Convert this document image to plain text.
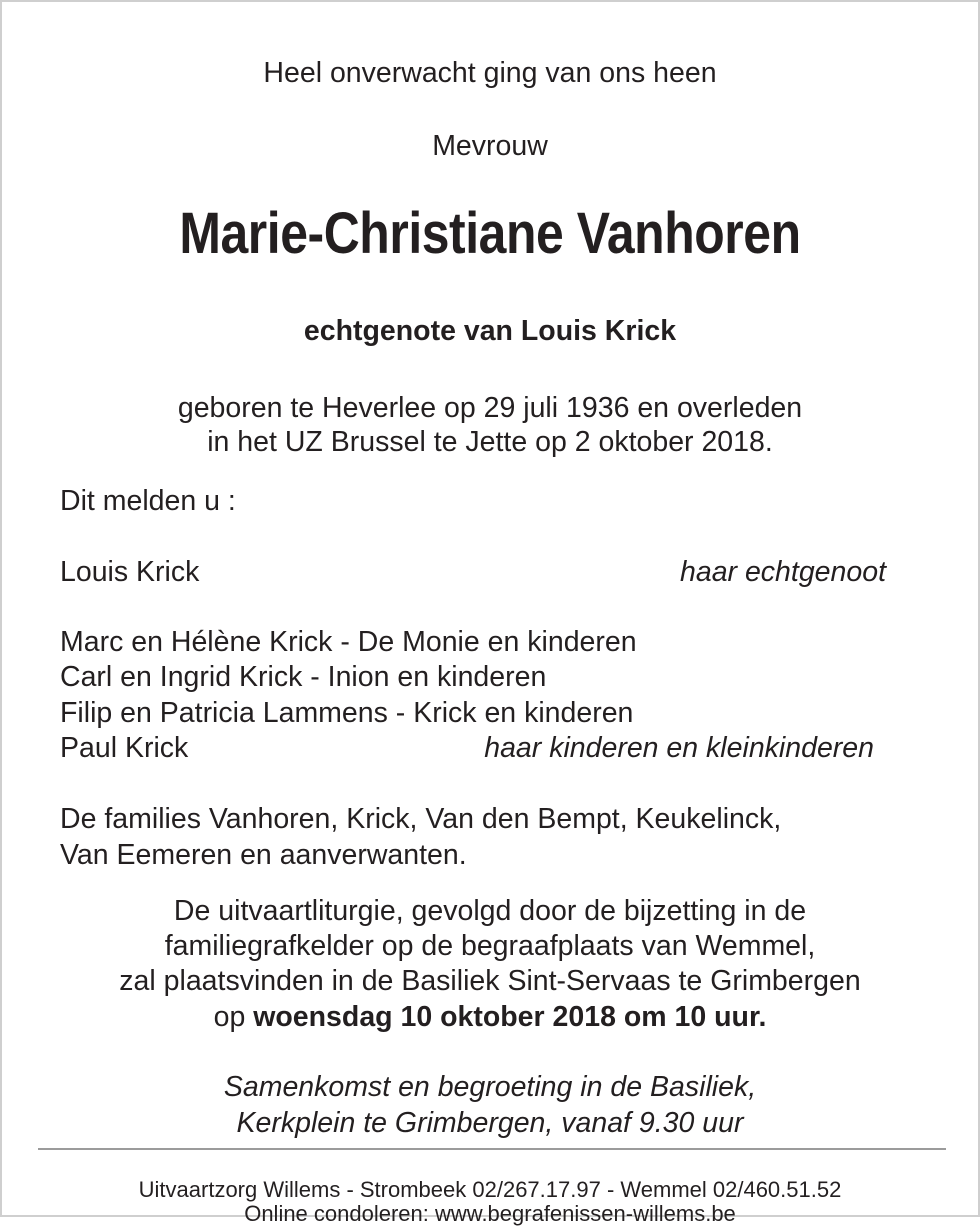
Heel onverwacht ging van ons heen

Mevrouw

Marie-Christiane Vanhoren

echtgenote van Louis Krick

geboren te Heverlee op 29 juli 1936 en overleden

in het UZ Brussel te Jette op 2 oktober 2018.

Dit melden u :

Louis Krick	haar echtgenoot

Marc en Hélène Krick - De Monie en kinderen

Carl en Ingrid Krick - Inion en kinderen

Filip en Patricia Lammens - Krick en kinderen

Paul Krick	haar kinderen en kleinkinderen

De families Vanhoren, Krick, Van den Bempt, Keukelinck,

Van Eemeren en aanverwanten.

De uitvaartliturgie, gevolgd door de bijzetting in de

familiegrafkelder op de begraafplaats van Wemmel,

zal plaatsvinden in de Basiliek Sint-Servaas te Grimbergen

op woensdag 10 oktober 2018 om 10 uur.

Samenkomst en begroeting in de Basiliek,

Kerkplein te Grimbergen, vanaf 9.30 uur

Uitvaartzorg Willems - Strombeek 02/267.17.97 - Wemmel 02/460.51.52

Online condoleren: www.begrafenissen-willems.be
